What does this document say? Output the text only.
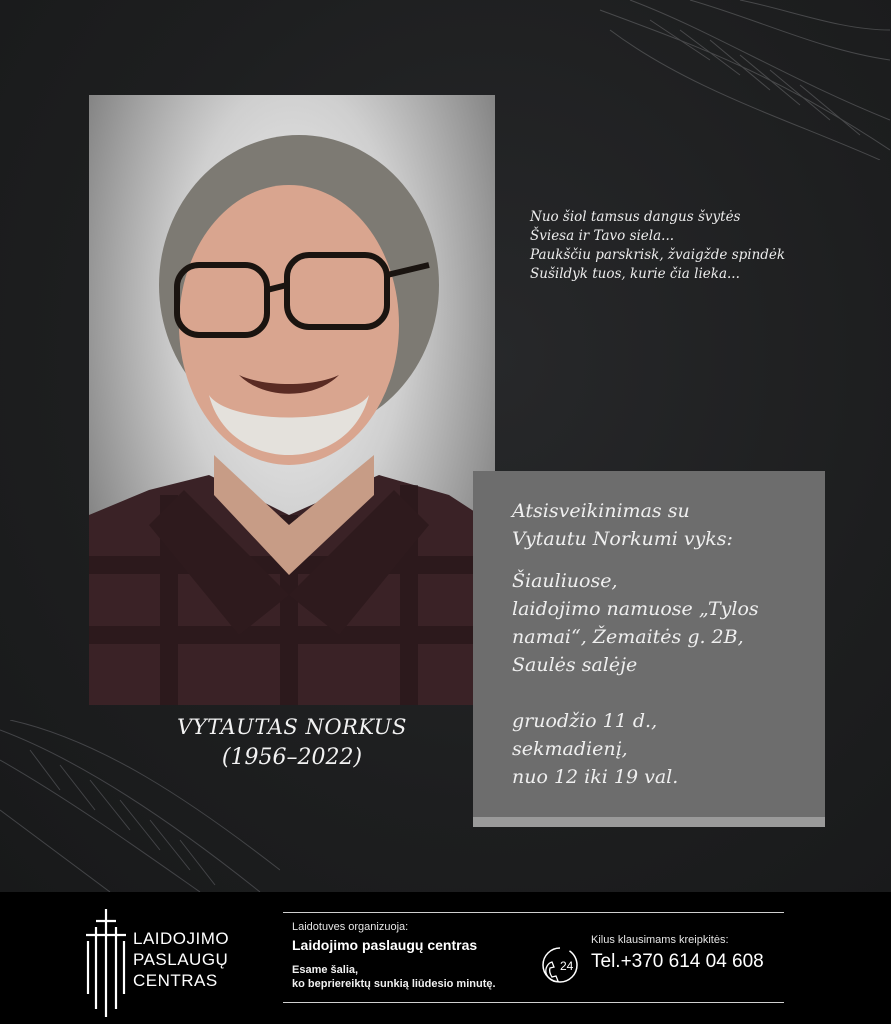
VYTAUTAS NORKUS
(1956–2022)
Nuo šiol tamsus dangus švytės
Šviesa ir Tavo siela...
Paukščiu parskrisk, žvaigžde spindėk
Sušildyk tuos, kurie čia lieka...
Atsisveikinimas su
Vytautu Norkumi vyks:
Šiauliuose,
laidojimo namuose „Tylos
namai“, Žemaitės g. 2B,
Saulės salėje
gruodžio 11 d.,
sekmadienį,
nuo 12 iki 19 val.
LAIDOJIMO
PASLAUGŲ
CENTRAS
Laidotuves organizuoja:
Laidojimo paslaugų centras
Esame šalia,
ko bepriereiktų sunkią liūdesio minutę.
24
Kilus klausimams kreipkitės:
Tel.+370 614 04 608
